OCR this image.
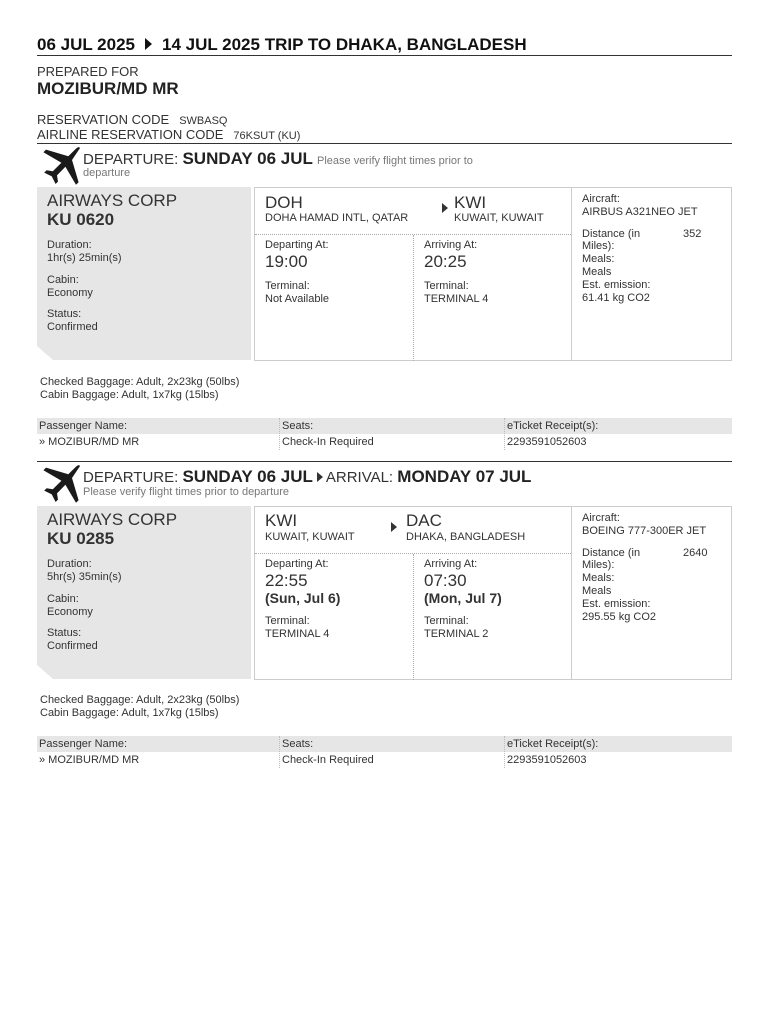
06 JUL 2025 14 JUL 2025 TRIP TO DHAKA, BANGLADESH
PREPARED FOR
MOZIBUR/MD MR
RESERVATION CODE SWBASQ
AIRLINE RESERVATION CODE 76KSUT (KU)
DEPARTURE: SUNDAY 06 JUL Please verify flight times prior to
departure
AIRWAYS CORP
KU 0620
Duration:
1hr(s) 25min(s)
Cabin:
Economy
Status:
Confirmed
DOH
DOHA HAMAD INTL, QATAR
KWI
KUWAIT, KUWAIT
Departing At:
19:00
Terminal:
Not Available
Arriving At:
20:25
Terminal:
TERMINAL 4
Aircraft:
AIRBUS A321NEO JET
Distance (in
Miles):
352
Meals:
Meals
Est. emission:
61.41 kg CO2
Checked Baggage: Adult, 2x23kg (50lbs)
Cabin Baggage: Adult, 1x7kg (15lbs)
Passenger Name:	Seats:	eTicket Receipt(s):
» MOZIBUR/MD MR	Check-In Required	2293591052603
DEPARTURE: SUNDAY 06 JUL ARRIVAL: MONDAY 07 JUL
Please verify flight times prior to departure
AIRWAYS CORP
KU 0285
Duration:
5hr(s) 35min(s)
Cabin:
Economy
Status:
Confirmed
KWI
KUWAIT, KUWAIT
DAC
DHAKA, BANGLADESH
Departing At:
22:55
(Sun, Jul 6)
Terminal:
TERMINAL 4
Arriving At:
07:30
(Mon, Jul 7)
Terminal:
TERMINAL 2
Aircraft:
BOEING 777-300ER JET
Distance (in
Miles):
2640
Meals:
Meals
Est. emission:
295.55 kg CO2
Checked Baggage: Adult, 2x23kg (50lbs)
Cabin Baggage: Adult, 1x7kg (15lbs)
Passenger Name:	Seats:	eTicket Receipt(s):
» MOZIBUR/MD MR	Check-In Required	2293591052603
